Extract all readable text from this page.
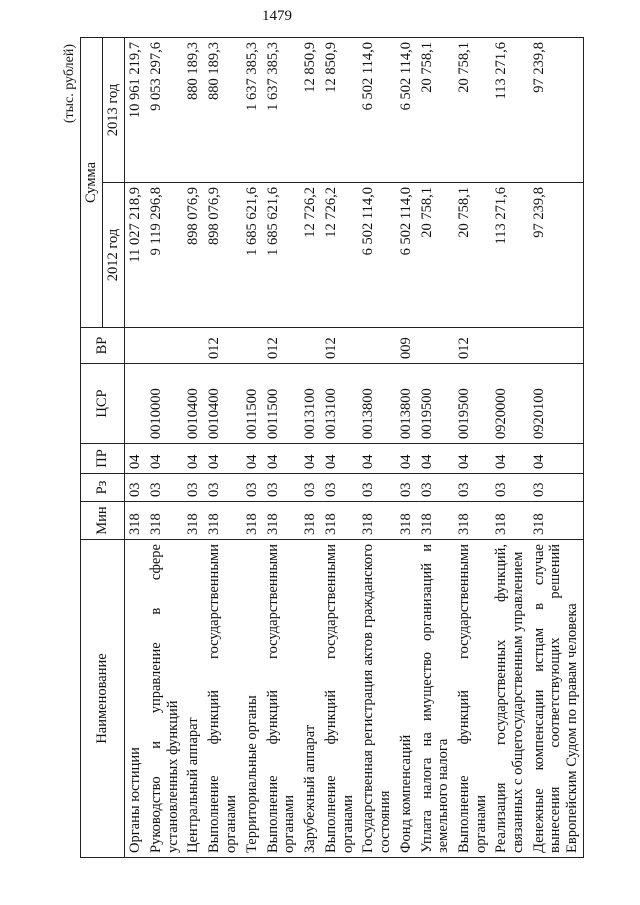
1479
(тыс. рублей)
Наименование	Мин	Рз	ПР	ЦСР	ВР	Сумма	
						2012 год	2013 год
Органы юстиции	318	03	04			11 027 218,9	10 961 219,7
Руководство и управление в сфере установленных функций	318	03	04	0010000		9 119 296,8	9 053 297,6
Центральный аппарат	318	03	04	0010400		898 076,9	880 189,3
Выполнение функций государственными органами	318	03	04	0010400	012	898 076,9	880 189,3
Территориальные органы	318	03	04	0011500		1 685 621,6	1 637 385,3
Выполнение функций государственными органами	318	03	04	0011500	012	1 685 621,6	1 637 385,3
Зарубежный аппарат	318	03	04	0013100		12 726,2	12 850,9
Выполнение функций государственными органами	318	03	04	0013100	012	12 726,2	12 850,9
Государственная регистрация актов гражданского состояния	318	03	04	0013800		6 502 114,0	6 502 114,0
Фонд компенсаций	318	03	04	0013800	009	6 502 114,0	6 502 114,0
Уплата налога на имущество организаций и земельного налога	318	03	04	0019500		20 758,1	20 758,1
Выполнение функций государственными органами	318	03	04	0019500	012	20 758,1	20 758,1
Реализация государственных функций, связанных с общегосударственным управлением	318	03	04	0920000		113 271,6	113 271,6
Денежные компенсации истцам в случае вынесения соответствующих решений Европейским Судом по правам человека	318	03	04	0920100		97 239,8	97 239,8
